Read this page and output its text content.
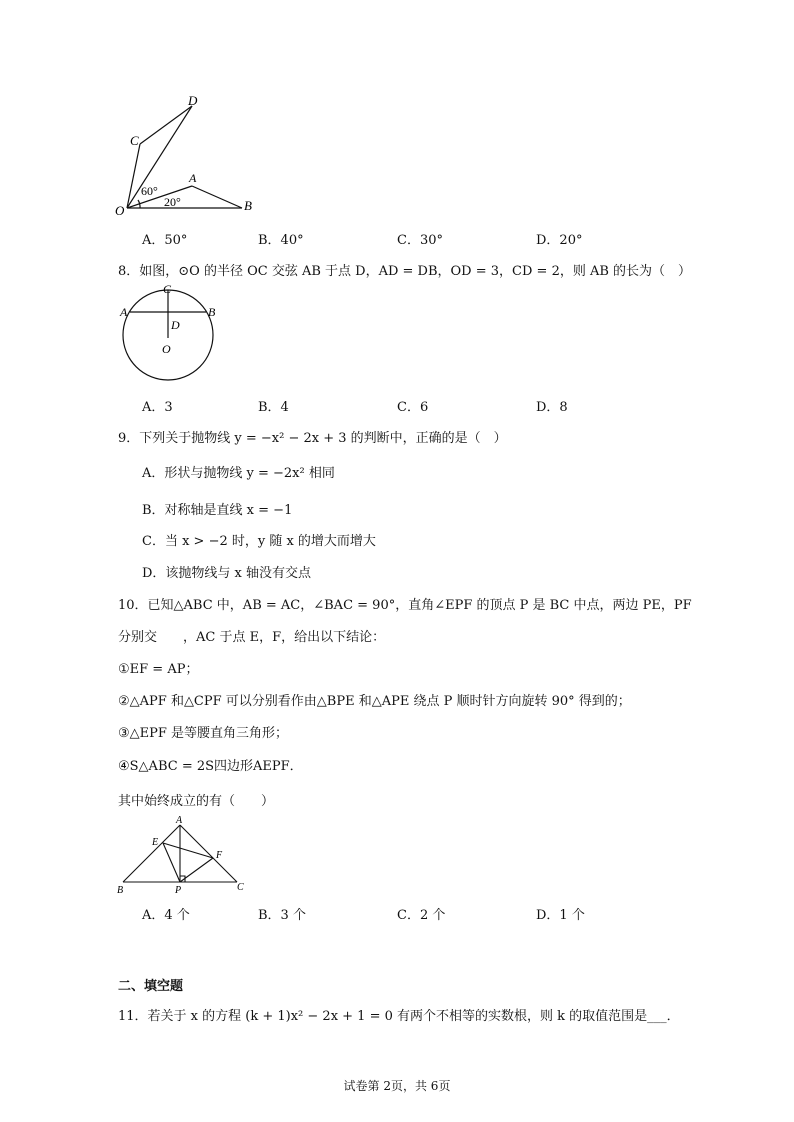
D
C
A
O	B
60°
20°
A．50°	B．40°	C．30°	D．20°
8．如图，⊙O 的半径 OC 交弦 AB 于点 D，AD = DB，OD = 3，CD = 2，则 AB 的长为（　）
C
A	B
D
O
A．3	B．4	C．6	D．8
9．下列关于抛物线 y = −x² − 2x + 3 的判断中，正确的是（　）
A．形状与抛物线 y = −2x² 相同
B．对称轴是直线 x = −1
C．当 x > −2 时，y 随 x 的增大而增大
D．该抛物线与 x 轴没有交点
10．已知△ABC 中，AB = AC，∠BAC = 90°，直角∠EPF 的顶点 P 是 BC 中点，两边 PE，PF
分别交　　，AC 于点 E，F，给出以下结论：
①EF = AP；
②△APF 和△CPF 可以分别看作由△BPE 和△APE 绕点 P 顺时针方向旋转 90° 得到的；
③△EPF 是等腰直角三角形；
④S△ABC = 2S四边形AEPF．
其中始终成立的有（　　）
A
E
F
B	P	C
A．4 个	B．3 个	C．2 个	D．1 个
二、填空题
11．若关于 x 的方程 (k + 1)x² − 2x + 1 = 0 有两个不相等的实数根，则 k 的取值范围是___．
试卷第 2页，共 6页
